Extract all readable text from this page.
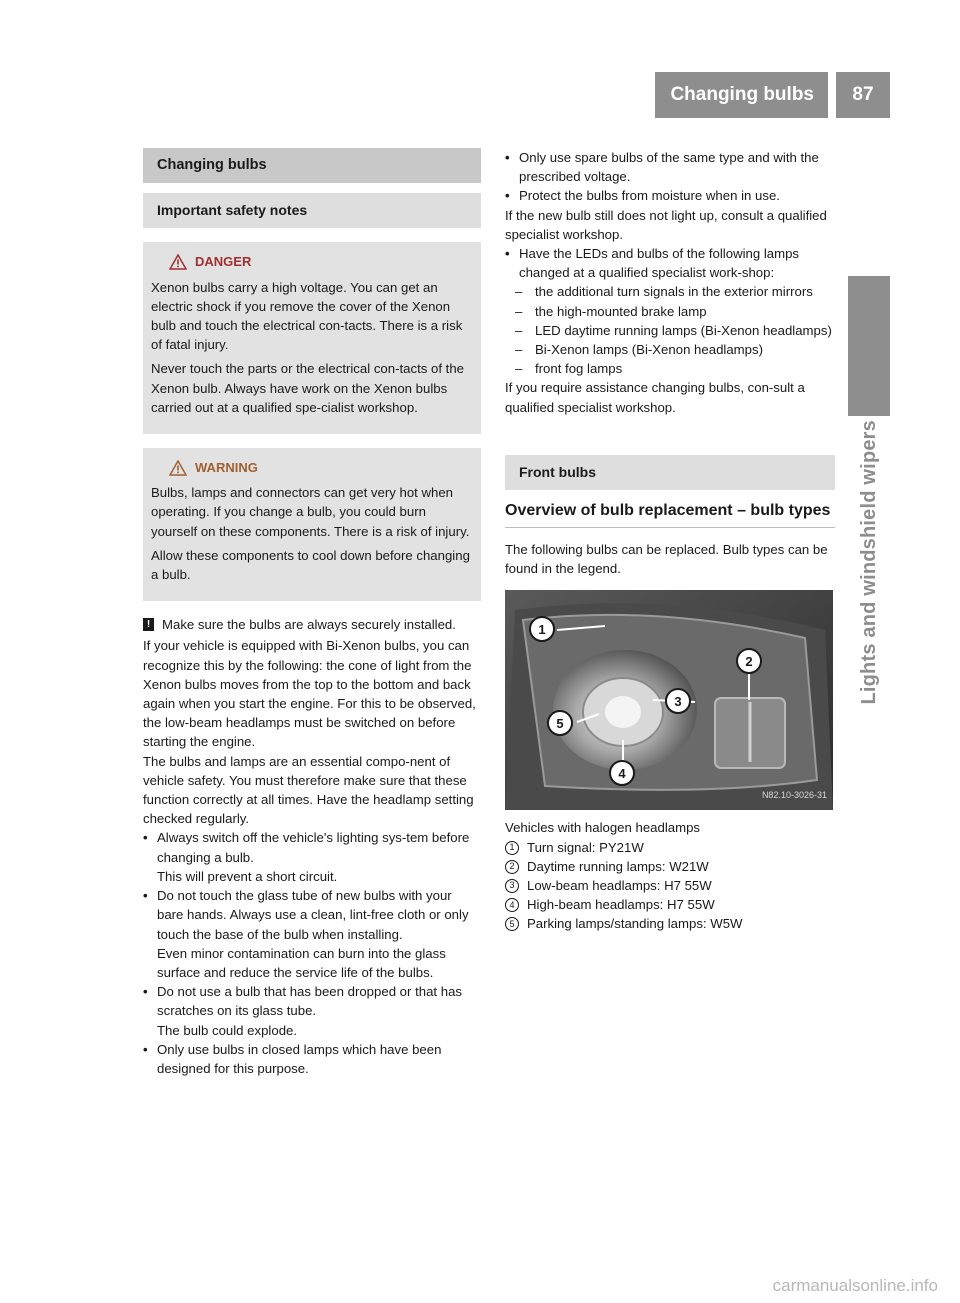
Changing bulbs	87
Lights and windshield wipers
Changing bulbs
Important safety notes
DANGER

Xenon bulbs carry a high voltage. You can get an electric shock if you remove the cover of the Xenon bulb and touch the electrical con-tacts. There is a risk of fatal injury.

Never touch the parts or the electrical con-tacts of the Xenon bulb. Always have work on the Xenon bulbs carried out at a qualified spe-cialist workshop.

WARNING

Bulbs, lamps and connectors can get very hot when operating. If you change a bulb, you could burn yourself on these components. There is a risk of injury.

Allow these components to cool down before changing a bulb.

! Make sure the bulbs are always securely installed.

If your vehicle is equipped with Bi-Xenon bulbs, you can recognize this by the following: the cone of light from the Xenon bulbs moves from the top to the bottom and back again when you start the engine. For this to be observed, the low-beam headlamps must be switched on before starting the engine.

The bulbs and lamps are an essential compo-nent of vehicle safety. You must therefore make sure that these function correctly at all times. Have the headlamp setting checked regularly.

• Always switch off the vehicle's lighting sys-tem before changing a bulb.
This will prevent a short circuit.
• Do not touch the glass tube of new bulbs with your bare hands. Always use a clean, lint-free cloth or only touch the base of the bulb when installing.
Even minor contamination can burn into the glass surface and reduce the service life of the bulbs.
• Do not use a bulb that has been dropped or that has scratches on its glass tube.
The bulb could explode.
• Only use bulbs in closed lamps which have been designed for this purpose.
• Only use spare bulbs of the same type and with the prescribed voltage.
• Protect the bulbs from moisture when in use.

If the new bulb still does not light up, consult a qualified specialist workshop.

• Have the LEDs and bulbs of the following lamps changed at a qualified specialist work-shop:
– the additional turn signals in the exterior mirrors
– the high-mounted brake lamp
– LED daytime running lamps (Bi-Xenon headlamps)
– Bi-Xenon lamps (Bi-Xenon headlamps)
– front fog lamps

If you require assistance changing bulbs, con-sult a qualified specialist workshop.

Front bulbs
Overview of bulb replacement – bulb types

The following bulbs can be replaced. Bulb types can be found in the legend.

1
2
3
4
5
N82.10-3026-31
Vehicles with halogen headlamps
1 Turn signal: PY21W
2 Daytime running lamps: W21W
3 Low-beam headlamps: H7 55W
4 High-beam headlamps: H7 55W
5 Parking lamps/standing lamps: W5W
carmanualsonline.info
